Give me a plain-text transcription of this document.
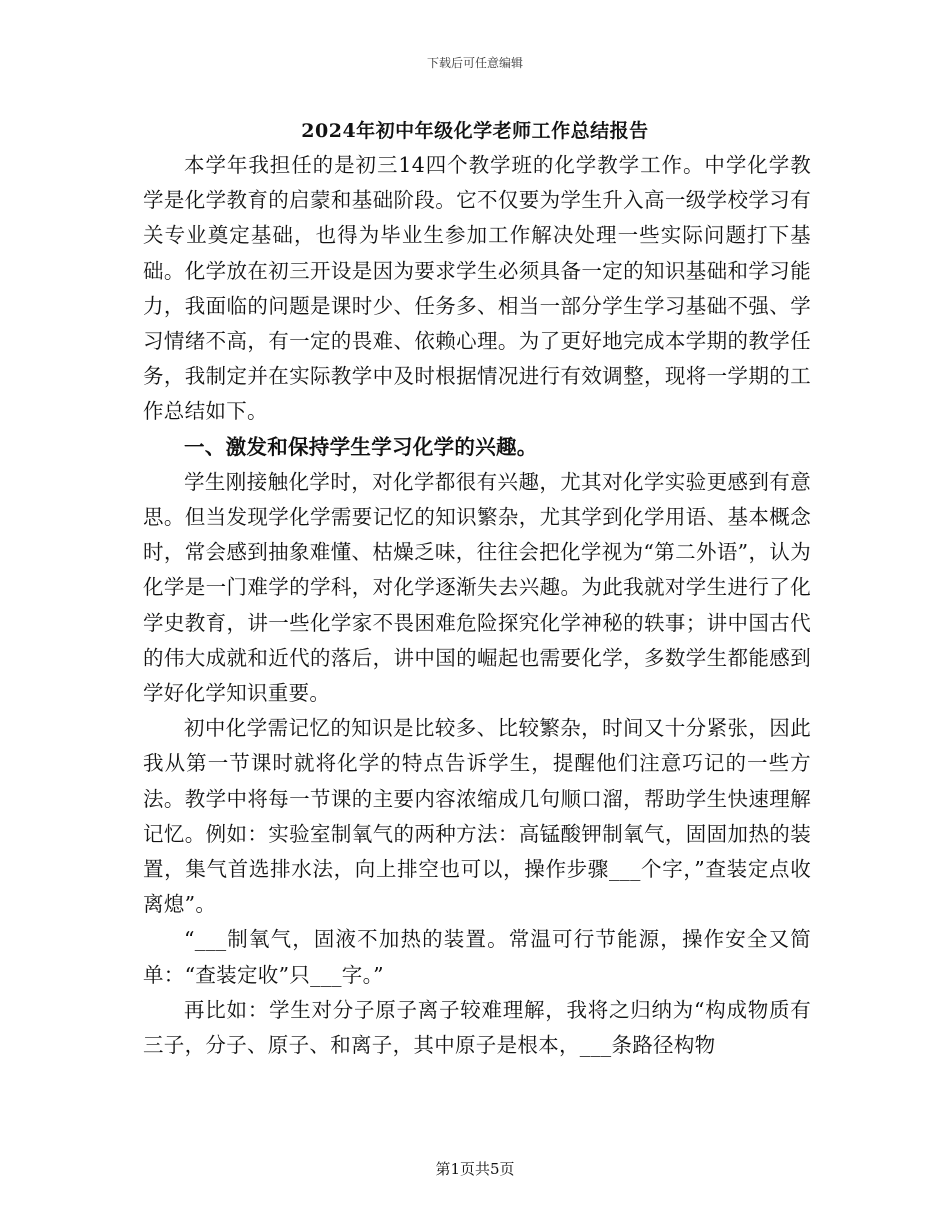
下载后可任意编辑
2024年初中年级化学老师工作总结报告

本学年我担任的是初三14四个教学班的化学教学工作。中学化学教学是化学教育的启蒙和基础阶段。它不仅要为学生升入高一级学校学习有关专业奠定基础，也得为毕业生参加工作解决处理一些实际问题打下基础。化学放在初三开设是因为要求学生必须具备一定的知识基础和学习能力，我面临的问题是课时少、任务多、相当一部分学生学习基础不强、学习情绪不高，有一定的畏难、依赖心理。为了更好地完成本学期的教学任务，我制定并在实际教学中及时根据情况进行有效调整，现将一学期的工作总结如下。

一、激发和保持学生学习化学的兴趣。

学生刚接触化学时，对化学都很有兴趣，尤其对化学实验更感到有意思。但当发现学化学需要记忆的知识繁杂，尤其学到化学用语、基本概念时，常会感到抽象难懂、枯燥乏味，往往会把化学视为“第二外语”，认为化学是一门难学的学科，对化学逐渐失去兴趣。为此我就对学生进行了化学史教育，讲一些化学家不畏困难危险探究化学神秘的轶事；讲中国古代的伟大成就和近代的落后，讲中国的崛起也需要化学，多数学生都能感到学好化学知识重要。

初中化学需记忆的知识是比较多、比较繁杂，时间又十分紧张，因此我从第一节课时就将化学的特点告诉学生，提醒他们注意巧记的一些方法。教学中将每一节课的主要内容浓缩成几句顺口溜，帮助学生快速理解记忆。例如：实验室制氧气的两种方法：高锰酸钾制氧气，固固加热的装置，集气首选排水法，向上排空也可以，操作步骤___个字，”查装定点收离熄”。

“___制氧气，固液不加热的装置。常温可行节能源，操作安全又简单：“查装定收”只___字。”

再比如：学生对分子原子离子较难理解，我将之归纳为“构成物质有三子，分子、原子、和离子，其中原子是根本，___条路径构物

第1页共5页
